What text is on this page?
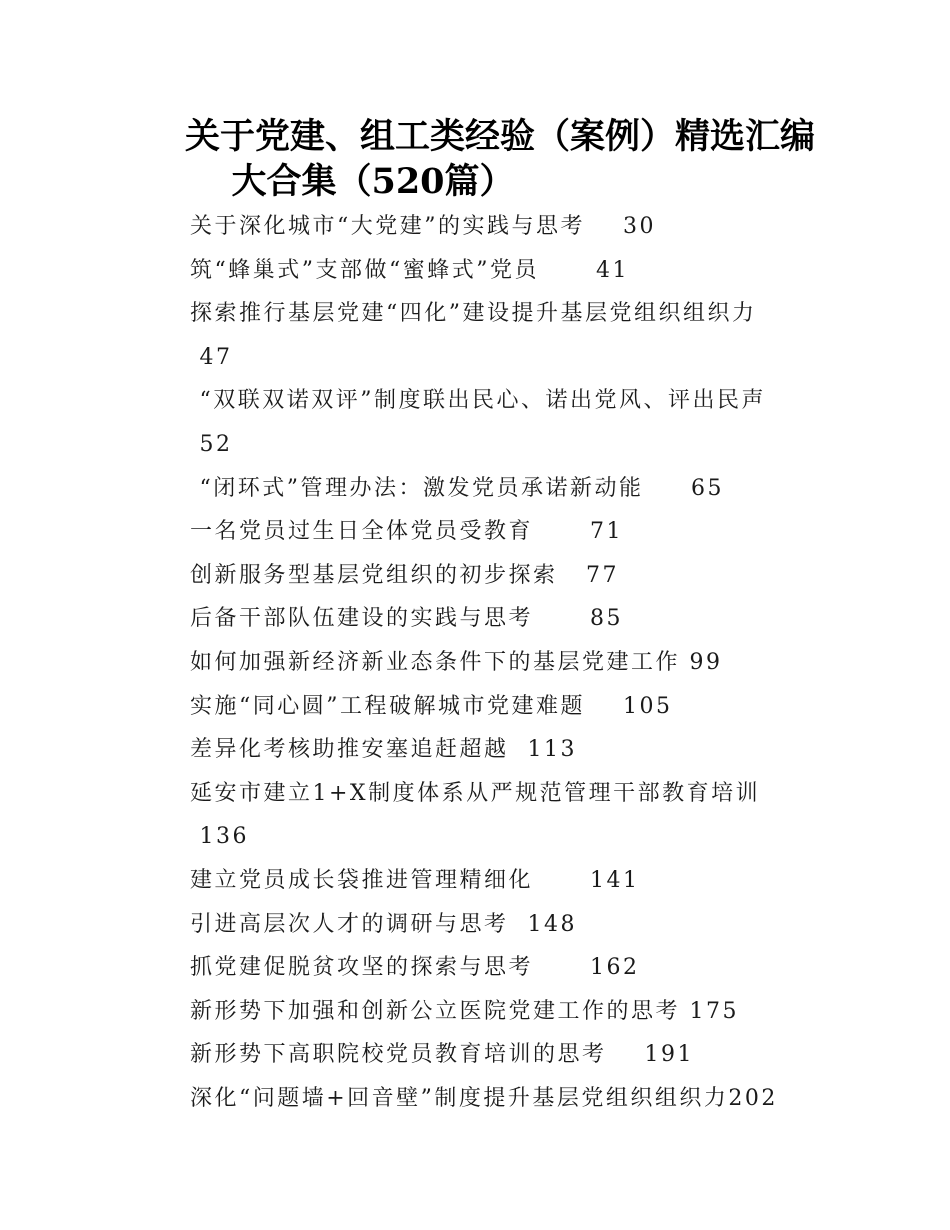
关于党建、组工类经验（案例）精选汇编
大合集（520篇）
关于深化城市“大党建”的实践与思考    30
筑“蜂巢式”支部做“蜜蜂式”党员      41
探索推行基层党建“四化”建设提升基层党组织组织力
47
“双联双诺双评”制度联出民心、诺出党风、评出民声
52
“闭环式”管理办法：激发党员承诺新动能     65
一名党员过生日全体党员受教育      71
创新服务型基层党组织的初步探索   77
后备干部队伍建设的实践与思考      85
如何加强新经济新业态条件下的基层党建工作 99
实施“同心圆”工程破解城市党建难题    105
差异化考核助推安塞追赶超越  113
延安市建立1+X制度体系从严规范管理干部教育培训
136
建立党员成长袋推进管理精细化      141
引进高层次人才的调研与思考  148
抓党建促脱贫攻坚的探索与思考      162
新形势下加强和创新公立医院党建工作的思考 175
新形势下高职院校党员教育培训的思考    191
深化“问题墙+回音壁”制度提升基层党组织组织力202
